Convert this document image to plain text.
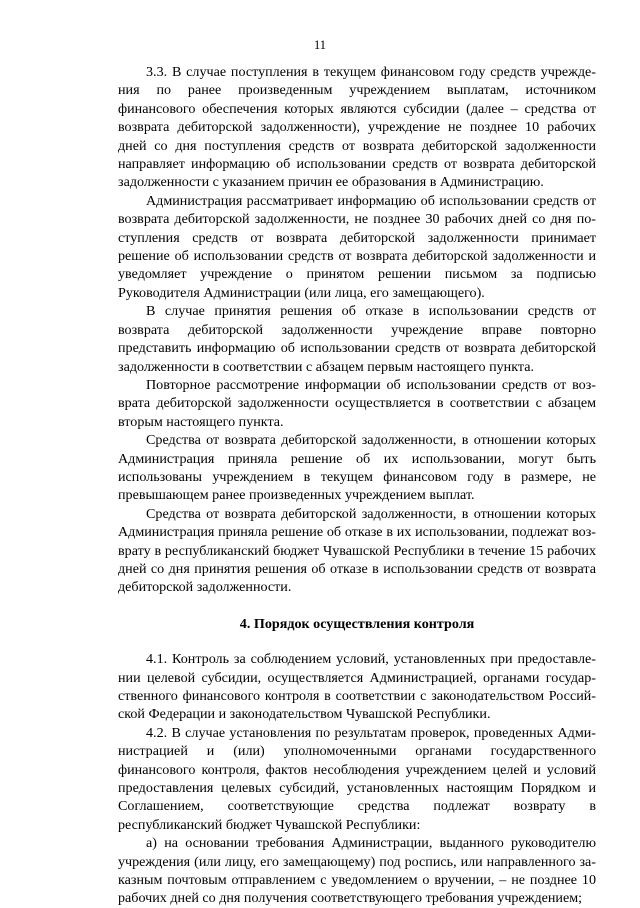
11

3.3. В случае поступления в текущем финансовом году средств учреждения по ранее произведенным учреждением выплатам, источником финансового обеспечения которых являются субсидии (далее – средства от возврата дебиторской задолженности), учреждение не позднее 10 рабочих дней со дня поступления средств от возврата дебиторской задолженности направляет информацию об использовании средств от возврата дебиторской задолженности с указанием причин ее образования в Администрацию.

Администрация рассматривает информацию об использовании средств от возврата дебиторской задолженности, не позднее 30 рабочих дней со дня поступления средств от возврата дебиторской задолженности принимает решение об использовании средств от возврата дебиторской задолженности и уведомляет учреждение о принятом решении письмом за подписью Руководителя Администрации (или лица, его замещающего).

В случае принятия решения об отказе в использовании средств от возврата дебиторской задолженности учреждение вправе повторно представить информацию об использовании средств от возврата дебиторской задолженности в соответствии с абзацем первым настоящего пункта.

Повторное рассмотрение информации об использовании средств от возврата дебиторской задолженности осуществляется в соответствии с абзацем вторым настоящего пункта.

Средства от возврата дебиторской задолженности, в отношении которых Администрация приняла решение об их использовании, могут быть использованы учреждением в текущем финансовом году в размере, не превышающем ранее произведенных учреждением выплат.

Средства от возврата дебиторской задолженности, в отношении которых Администрация приняла решение об отказе в их использовании, подлежат возврату в республиканский бюджет Чувашской Республики в течение 15 рабочих дней со дня принятия решения об отказе в использовании средств от возврата дебиторской задолженности.

4. Порядок осуществления контроля

4.1. Контроль за соблюдением условий, установленных при предоставлении целевой субсидии, осуществляется Администрацией, органами государственного финансового контроля в соответствии с законодательством Российской Федерации и законодательством Чувашской Республики.

4.2. В случае установления по результатам проверок, проведенных Администрацией и (или) уполномоченными органами государственного финансового контроля, фактов несоблюдения учреждением целей и условий предоставления целевых субсидий, установленных настоящим Порядком и Соглашением, соответствующие средства подлежат возврату в республиканский бюджет Чувашской Республики:

а) на основании требования Администрации, выданного руководителю учреждения (или лицу, его замещающему) под роспись, или направленного заказным почтовым отправлением с уведомлением о вручении, – не позднее 10 рабочих дней со дня получения соответствующего требования учреждением;
